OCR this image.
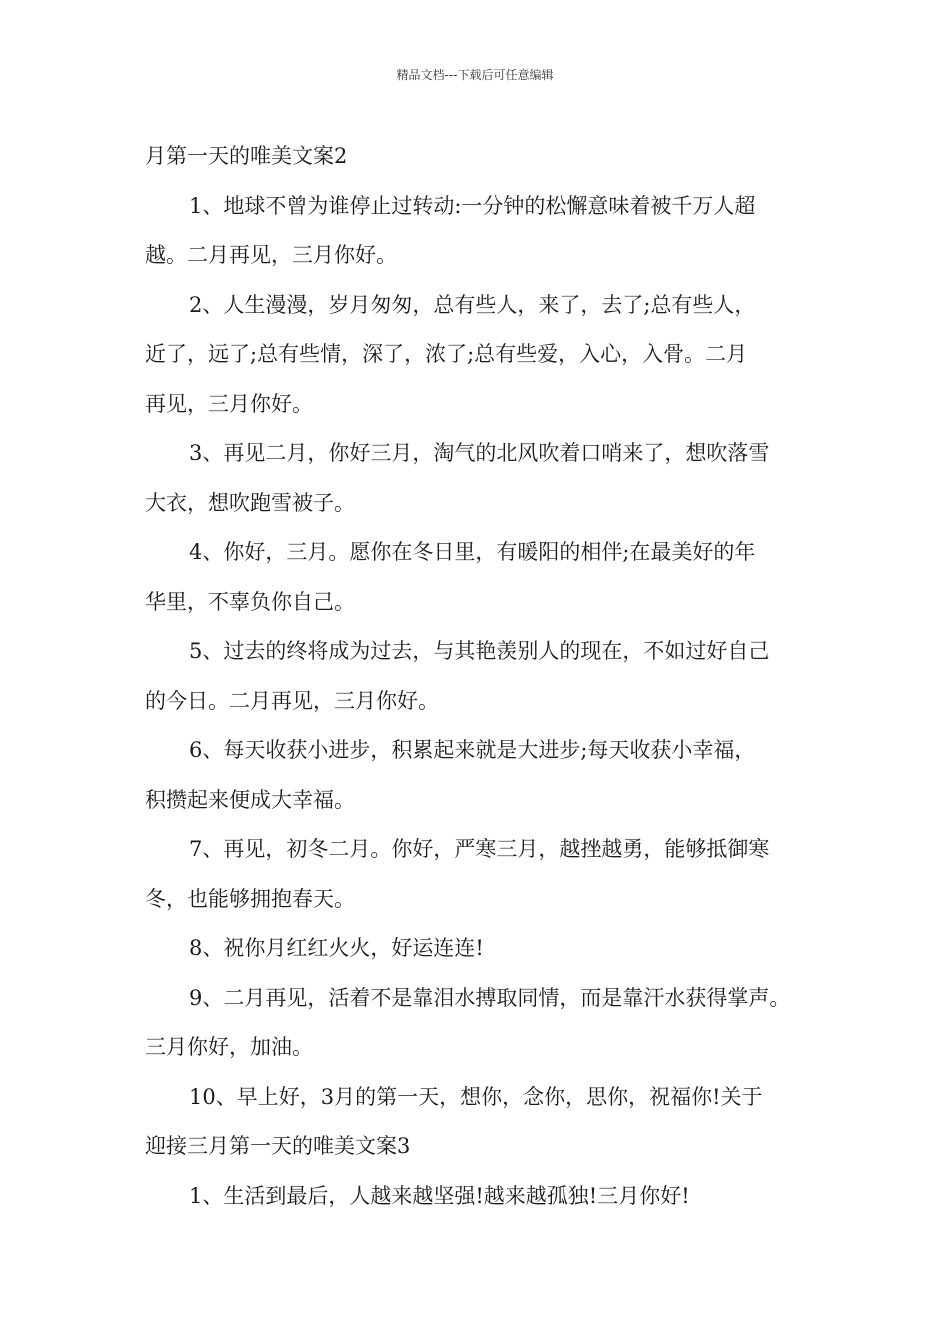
精品文档---下载后可任意编辑

月第一天的唯美文案2

1、地球不曾为谁停止过转动:一分钟的松懈意味着被千万人超

越。二月再见，三月你好。

2、人生漫漫，岁月匆匆，总有些人，来了，去了;总有些人，

近了，远了;总有些情，深了，浓了;总有些爱，入心，入骨。二月

再见，三月你好。

3、再见二月，你好三月，淘气的北风吹着口哨来了，想吹落雪

大衣，想吹跑雪被子。

4、你好，三月。愿你在冬日里，有暖阳的相伴;在最美好的年

华里，不辜负你自己。

5、过去的终将成为过去，与其艳羡别人的现在，不如过好自己

的今日。二月再见，三月你好。

6、每天收获小进步，积累起来就是大进步;每天收获小幸福，

积攒起来便成大幸福。

7、再见，初冬二月。你好，严寒三月，越挫越勇，能够抵御寒

冬，也能够拥抱春天。

8、祝你月红红火火，好运连连!

9、二月再见，活着不是靠泪水搏取同情，而是靠汗水获得掌声。

三月你好，加油。

10、早上好，3月的第一天，想你，念你，思你，祝福你!关于

迎接三月第一天的唯美文案3

1、生活到最后，人越来越坚强!越来越孤独!三月你好!
